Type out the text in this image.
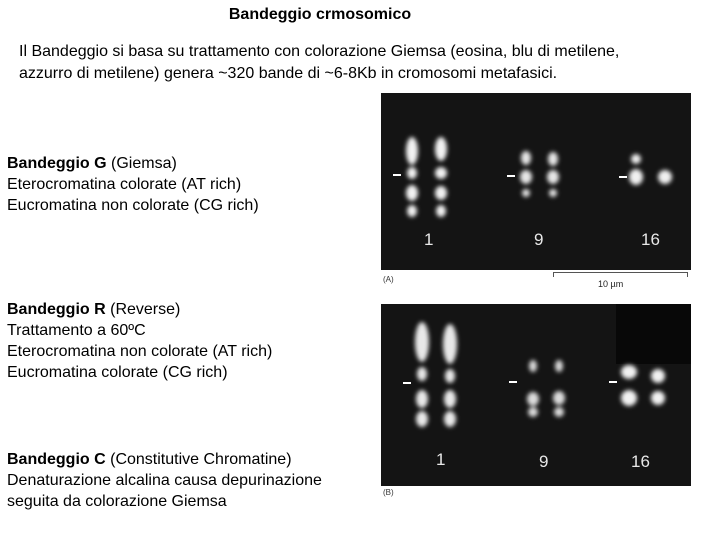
Bandeggio crmosomico
Il Bandeggio si basa su trattamento con colorazione Giemsa (eosina, blu di metilene,
azzurro di metilene) genera ~320 bande di ~6-8Kb in cromosomi metafasici.
Bandeggio G (Giemsa)
Eterocromatina colorate (AT rich)
Eucromatina non colorate (CG rich)
Bandeggio R (Reverse)
Trattamento a 60ºC
Eterocromatina non colorate (AT rich)
Eucromatina colorate (CG rich)
Bandeggio C (Constitutive Chromatine)
Denaturazione alcalina causa depurinazione
seguita da colorazione Giemsa
1	9	16
(A)	10 µm
1	9	16
(B)
